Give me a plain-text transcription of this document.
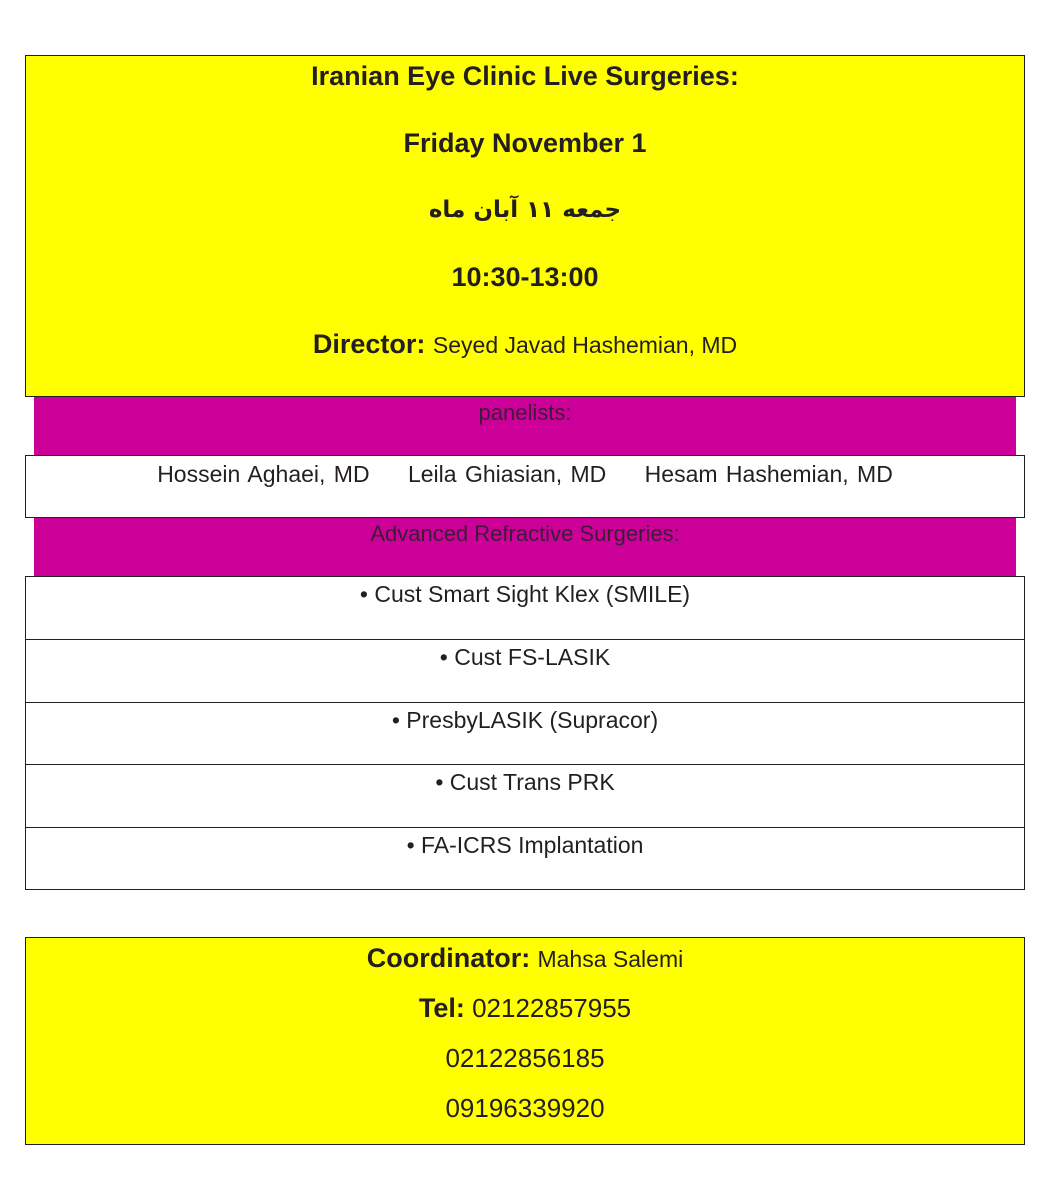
Iranian Eye Clinic Live Surgeries:
Friday November 1
جمعه ۱۱ آبان ماه
10:30-13:00
Director: Seyed Javad Hashemian, MD
panelists:
Hossein Aghaei, MD Leila Ghiasian, MD Hesam Hashemian, MD
Advanced Refractive Surgeries:
• Cust Smart Sight Klex (SMILE)
• Cust FS-LASIK
• PresbyLASIK (Supracor)
• Cust Trans PRK
• FA-ICRS Implantation
Coordinator: Mahsa Salemi
Tel: 02122857955
02122856185
09196339920
